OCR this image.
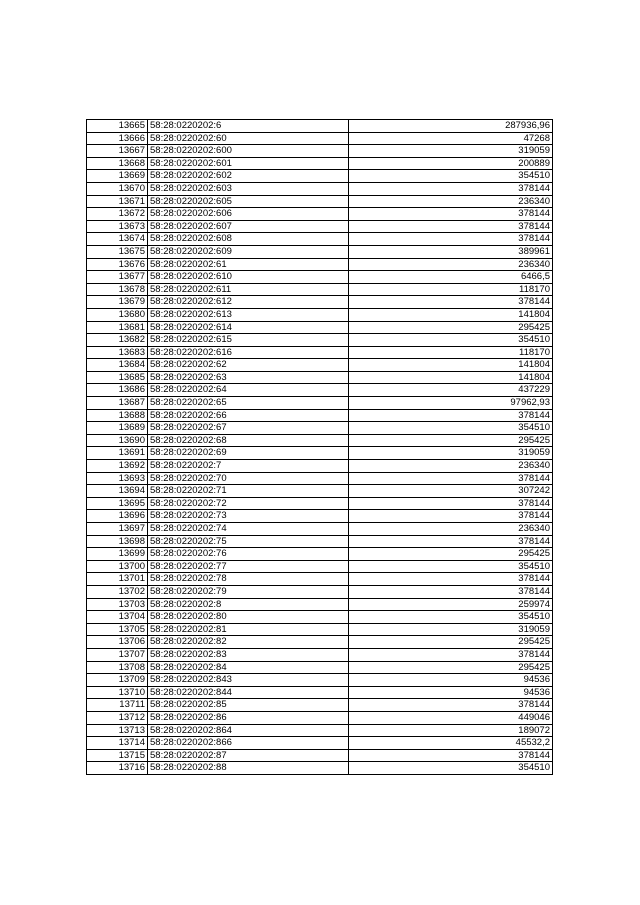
13665	58:28:0220202:6	287936,96
13666	58:28:0220202:60	47268
13667	58:28:0220202:600	319059
13668	58:28:0220202:601	200889
13669	58:28:0220202:602	354510
13670	58:28:0220202:603	378144
13671	58:28:0220202:605	236340
13672	58:28:0220202:606	378144
13673	58:28:0220202:607	378144
13674	58:28:0220202:608	378144
13675	58:28:0220202:609	389961
13676	58:28:0220202:61	236340
13677	58:28:0220202:610	6466,5
13678	58:28:0220202:611	118170
13679	58:28:0220202:612	378144
13680	58:28:0220202:613	141804
13681	58:28:0220202:614	295425
13682	58:28:0220202:615	354510
13683	58:28:0220202:616	118170
13684	58:28:0220202:62	141804
13685	58:28:0220202:63	141804
13686	58:28:0220202:64	437229
13687	58:28:0220202:65	97962,93
13688	58:28:0220202:66	378144
13689	58:28:0220202:67	354510
13690	58:28:0220202:68	295425
13691	58:28:0220202:69	319059
13692	58:28:0220202:7	236340
13693	58:28:0220202:70	378144
13694	58:28:0220202:71	307242
13695	58:28:0220202:72	378144
13696	58:28:0220202:73	378144
13697	58:28:0220202:74	236340
13698	58:28:0220202:75	378144
13699	58:28:0220202:76	295425
13700	58:28:0220202:77	354510
13701	58:28:0220202:78	378144
13702	58:28:0220202:79	378144
13703	58:28:0220202:8	259974
13704	58:28:0220202:80	354510
13705	58:28:0220202:81	319059
13706	58:28:0220202:82	295425
13707	58:28:0220202:83	378144
13708	58:28:0220202:84	295425
13709	58:28:0220202:843	94536
13710	58:28:0220202:844	94536
13711	58:28:0220202:85	378144
13712	58:28:0220202:86	449046
13713	58:28:0220202:864	189072
13714	58:28:0220202:866	45532,2
13715	58:28:0220202:87	378144
13716	58:28:0220202:88	354510
